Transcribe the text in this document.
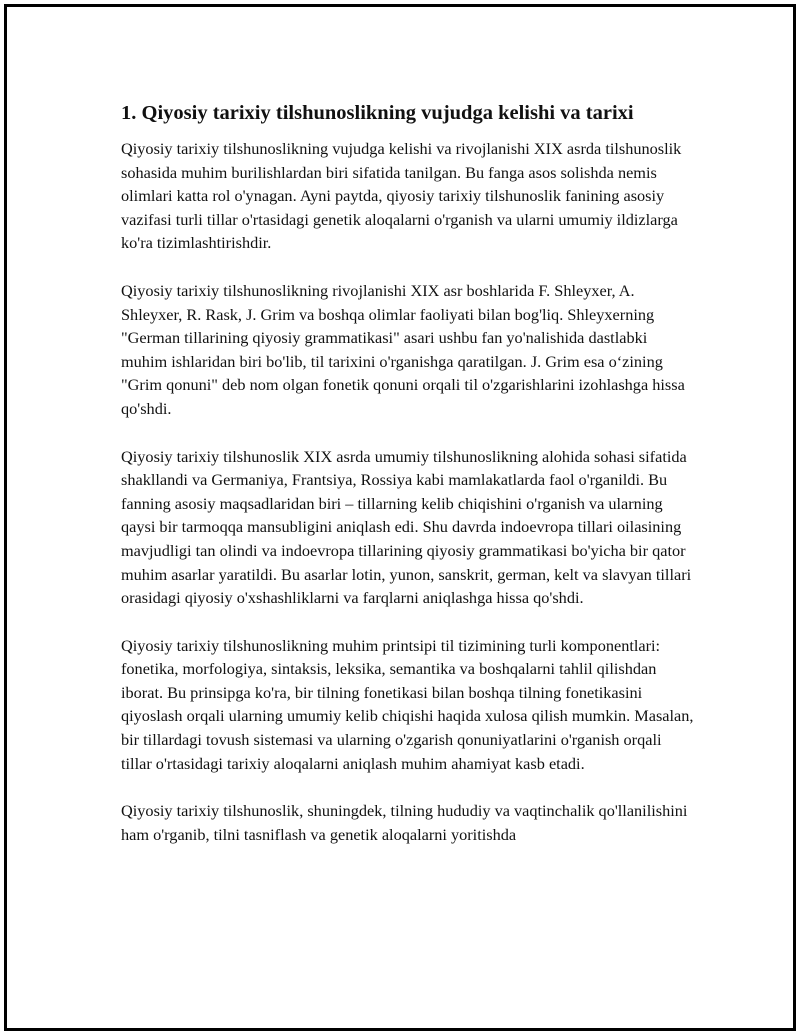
1. Qiyosiy tarixiy tilshunoslikning vujudga kelishi va tarixi

Qiyosiy tarixiy tilshunoslikning vujudga kelishi va rivojlanishi XIX asrda tilshunoslik sohasida muhim burilishlardan biri sifatida tanilgan. Bu fanga asos solishda nemis olimlari katta rol o'ynagan. Ayni paytda, qiyosiy tarixiy tilshunoslik fanining asosiy vazifasi turli tillar o'rtasidagi genetik aloqalarni o'rganish va ularni umumiy ildizlarga ko'ra tizimlashtirishdir.

Qiyosiy tarixiy tilshunoslikning rivojlanishi XIX asr boshlarida F. Shleyxer, A. Shleyxer, R. Rask, J. Grim va boshqa olimlar faoliyati bilan bog'liq. Shleyxerning "German tillarining qiyosiy grammatikasi" asari ushbu fan yo'nalishida dastlabki muhim ishlaridan biri bo'lib, til tarixini o'rganishga qaratilgan. J. Grim esa o‘zining "Grim qonuni" deb nom olgan fonetik qonuni orqali til o'zgarishlarini izohlashga hissa qo'shdi.

Qiyosiy tarixiy tilshunoslik XIX asrda umumiy tilshunoslikning alohida sohasi sifatida shakllandi va Germaniya, Frantsiya, Rossiya kabi mamlakatlarda faol o'rganildi. Bu fanning asosiy maqsadlaridan biri – tillarning kelib chiqishini o'rganish va ularning qaysi bir tarmoqqa mansubligini aniqlash edi. Shu davrda indoevropa tillari oilasining mavjudligi tan olindi va indoevropa tillarining qiyosiy grammatikasi bo'yicha bir qator muhim asarlar yaratildi. Bu asarlar lotin, yunon, sanskrit, german, kelt va slavyan tillari orasidagi qiyosiy o'xshashliklarni va farqlarni aniqlashga hissa qo'shdi.

Qiyosiy tarixiy tilshunoslikning muhim printsipi til tizimining turli komponentlari: fonetika, morfologiya, sintaksis, leksika, semantika va boshqalarni tahlil qilishdan iborat. Bu prinsipga ko'ra, bir tilning fonetikasi bilan boshqa tilning fonetikasini qiyoslash orqali ularning umumiy kelib chiqishi haqida xulosa qilish mumkin. Masalan, bir tillardagi tovush sistemasi va ularning o'zgarish qonuniyatlarini o'rganish orqali tillar o'rtasidagi tarixiy aloqalarni aniqlash muhim ahamiyat kasb etadi.

Qiyosiy tarixiy tilshunoslik, shuningdek, tilning hududiy va vaqtinchalik qo'llanilishini ham o'rganib, tilni tasniflash va genetik aloqalarni yoritishda
